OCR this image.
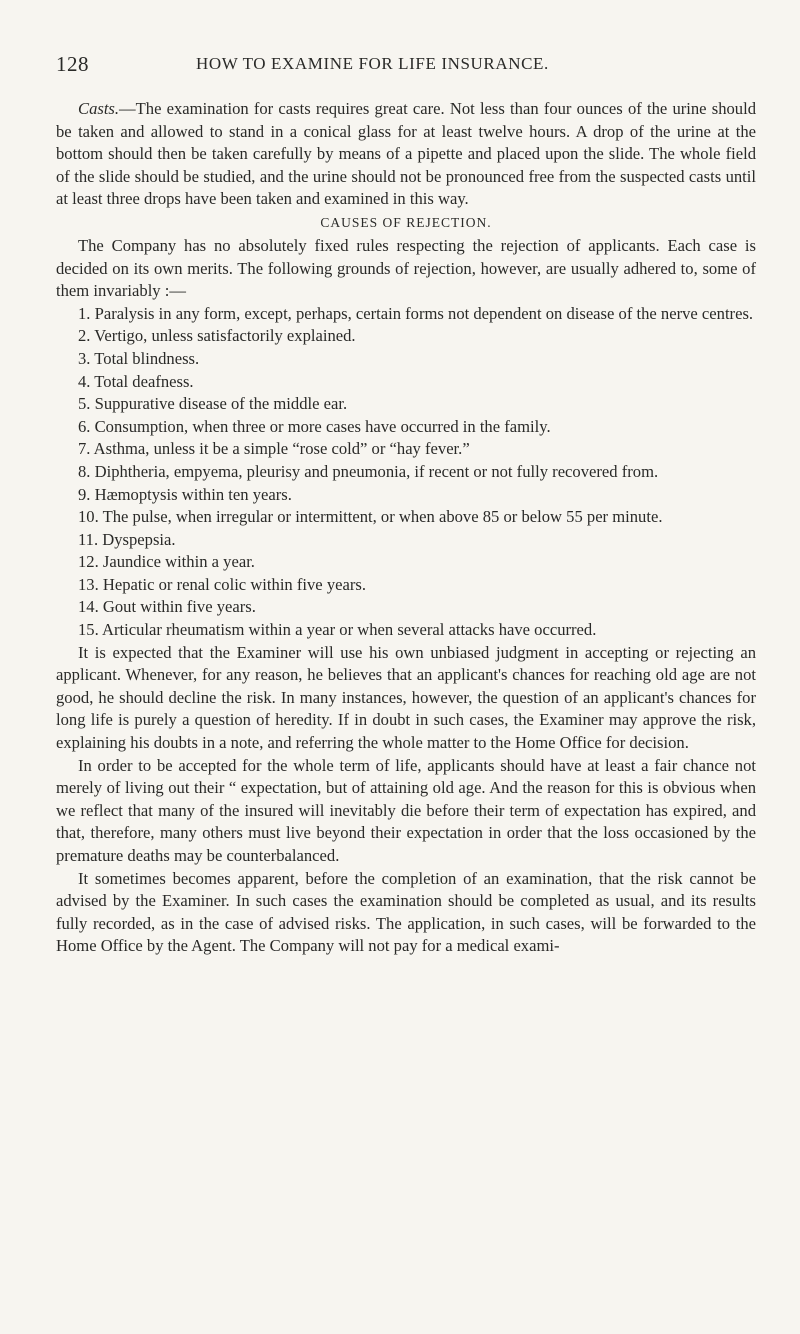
128	HOW TO EXAMINE FOR LIFE INSURANCE.

Casts.—The examination for casts requires great care. Not less than four ounces of the urine should be taken and allowed to stand in a conical glass for at least twelve hours. A drop of the urine at the bottom should then be taken carefully by means of a pipette and placed upon the slide. The whole field of the slide should be studied, and the urine should not be pronounced free from the suspected casts until at least three drops have been taken and examined in this way.

CAUSES OF REJECTION.

The Company has no absolutely fixed rules respecting the rejection of applicants. Each case is decided on its own merits. The following grounds of rejection, however, are usually adhered to, some of them invariably :—

1. Paralysis in any form, except, perhaps, certain forms not dependent on disease of the nerve centres.

2. Vertigo, unless satisfactorily explained.

3. Total blindness.

4. Total deafness.

5. Suppurative disease of the middle ear.

6. Consumption, when three or more cases have occurred in the family.

7. Asthma, unless it be a simple “rose cold” or “hay fever.”

8. Diphtheria, empyema, pleurisy and pneumonia, if recent or not fully recovered from.

9. Hæmoptysis within ten years.

10. The pulse, when irregular or intermittent, or when above 85 or below 55 per minute.

11. Dyspepsia.

12. Jaundice within a year.

13. Hepatic or renal colic within five years.

14. Gout within five years.

15. Articular rheumatism within a year or when several attacks have occurred.

It is expected that the Examiner will use his own unbiased judgment in accepting or rejecting an applicant. Whenever, for any reason, he believes that an applicant's chances for reaching old age are not good, he should decline the risk. In many instances, however, the question of an applicant's chances for long life is purely a question of heredity. If in doubt in such cases, the Examiner may approve the risk, explaining his doubts in a note, and referring the whole matter to the Home Office for decision.

In order to be accepted for the whole term of life, applicants should have at least a fair chance not merely of living out their “ expectation, but of attaining old age. And the reason for this is obvious when we reflect that many of the insured will inevitably die before their term of expectation has expired, and that, therefore, many others must live beyond their expectation in order that the loss occasioned by the premature deaths may be counterbalanced.

It sometimes becomes apparent, before the completion of an examination, that the risk cannot be advised by the Examiner. In such cases the examination should be completed as usual, and its results fully recorded, as in the case of advised risks. The application, in such cases, will be forwarded to the Home Office by the Agent. The Company will not pay for a medical exami-
